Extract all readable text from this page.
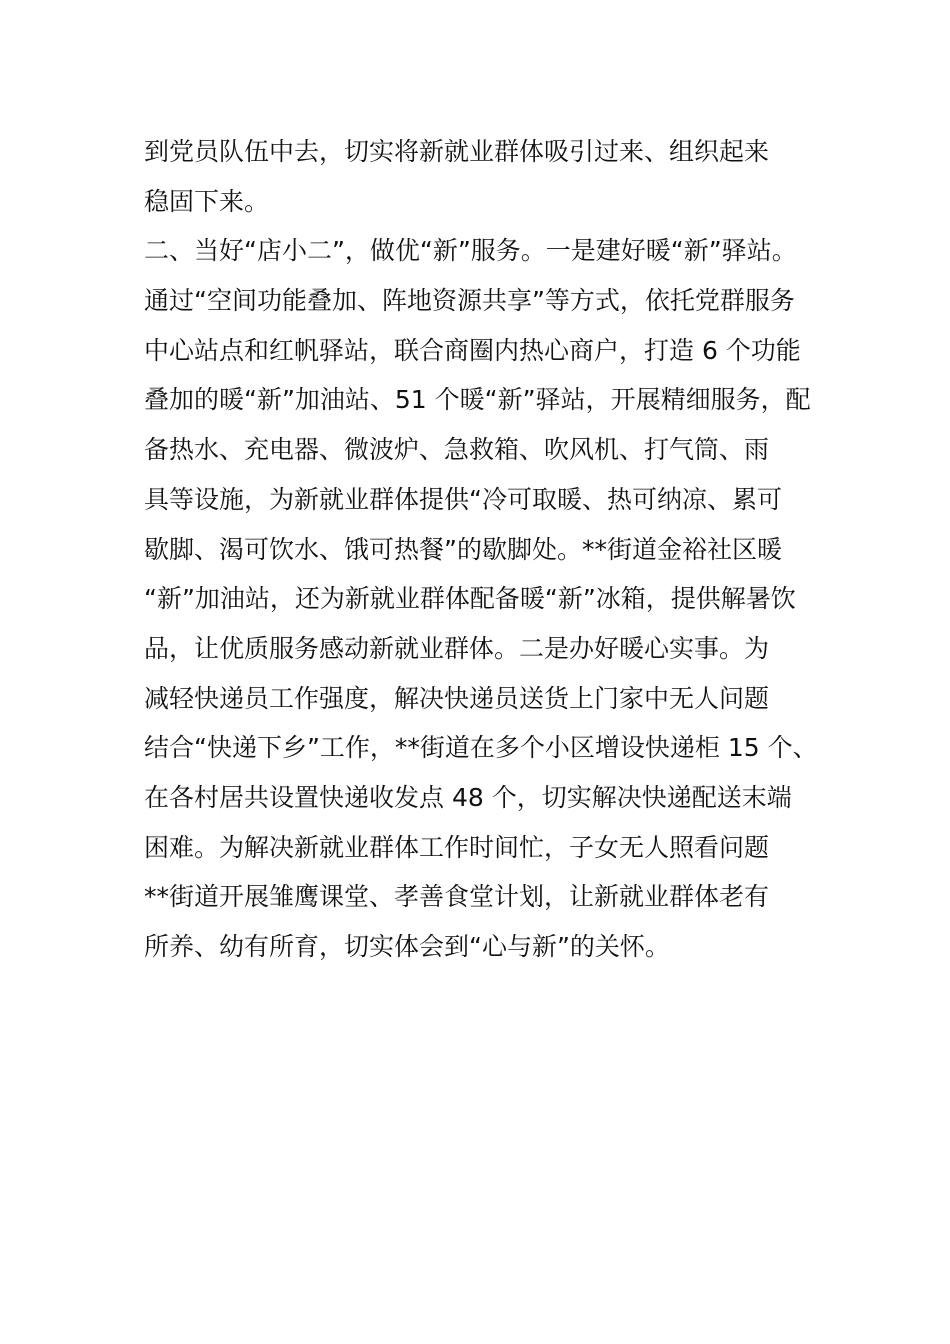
到党员队伍中去，切实将新就业群体吸引过来、组织起来
稳固下来。
二、当好“店小二”，做优“新”服务。一是建好暖“新”驿站。
通过“空间功能叠加、阵地资源共享”等方式，依托党群服务
中心站点和红帆驿站，联合商圈内热心商户，打造 6 个功能
叠加的暖“新”加油站、51 个暖“新”驿站，开展精细服务，配
备热水、充电器、微波炉、急救箱、吹风机、打气筒、雨
具等设施，为新就业群体提供“冷可取暖、热可纳凉、累可
歇脚、渴可饮水、饿可热餐”的歇脚处。**街道金裕社区暖
“新”加油站，还为新就业群体配备暖“新”冰箱，提供解暑饮
品，让优质服务感动新就业群体。二是办好暖心实事。为
减轻快递员工作强度，解决快递员送货上门家中无人问题
结合“快递下乡”工作，**街道在多个小区增设快递柜 15 个、
在各村居共设置快递收发点 48 个，切实解决快递配送末端
困难。为解决新就业群体工作时间忙，子女无人照看问题
**街道开展雏鹰课堂、孝善食堂计划，让新就业群体老有
所养、幼有所育，切实体会到“心与新”的关怀。
